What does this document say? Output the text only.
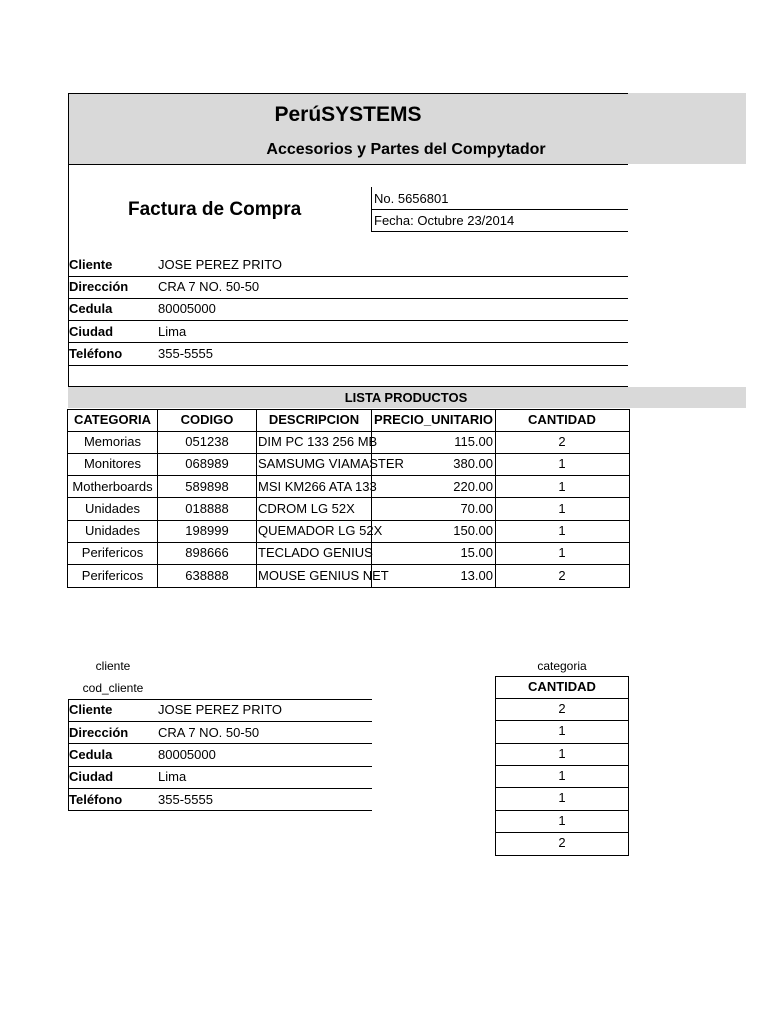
PerúSYSTEMS
Accesorios y Partes del Compytador
Factura de Compra
No. 5656801
Fecha: Octubre 23/2014
Cliente	JOSE PEREZ PRITO
Dirección CRA 7 NO. 50-50
Cedula	80005000
Ciudad	Lima
Teléfono	355-5555
LISTA PRODUCTOS
CATEGORIA	CODIGO	DESCRIPCION	PRECIO_UNITARIO	CANTIDAD
Memorias	051238	DIM PC 133 256 MB	115.00	2
Monitores	068989	SAMSUMG VIAMASTER	380.00	1
Motherboards	589898	MSI KM266 ATA 133	220.00	1
Unidades	018888	CDROM LG 52X	70.00	1
Unidades	198999	QUEMADOR LG 52X	150.00	1
Perifericos	898666	TECLADO GENIUS	15.00	1
Perifericos	638888	MOUSE GENIUS NET	13.00	2
cliente
cod_cliente
Cliente	JOSE PEREZ PRITO
Dirección CRA 7 NO. 50-50
Cedula	80005000
Ciudad	Lima
Teléfono	355-5555
categoria
CANTIDAD
2
1
1
1
1
1
2
